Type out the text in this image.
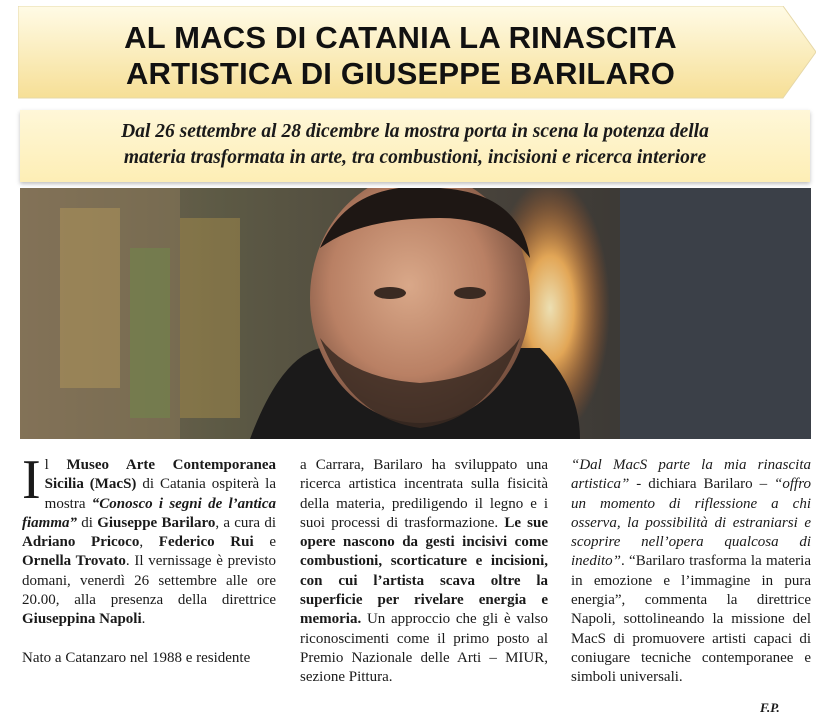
AL MACS DI CATANIA LA RINASCITA
ARTISTICA DI GIUSEPPE BARILARO
Dal 26 settembre al 28 dicembre la mostra porta in scena la potenza della
materia trasformata in arte, tra combustioni, incisioni e ricerca interiore

Il Museo Arte Contemporanea Sicilia (MacS) di Catania ospiterà la mostra “Conosco i segni de l’antica fiamma” di Giuseppe Barilaro, a cura di Adriano Pricoco, Federico Rui e Ornella Trovato. Il vernissage è previsto domani, venerdì 26 settembre alle ore 20.00, alla presenza della direttrice Giuseppina Napoli.

Nato a Catanzaro nel 1988 e residente

a Carrara, Barilaro ha sviluppato una ricerca artistica incentrata sulla fisicità della materia, prediligendo il legno e i suoi processi di trasformazione. Le sue opere nascono da gesti incisivi come combustioni, scorticature e incisioni, con cui l’artista scava oltre la superficie per rivelare energia e memoria. Un approccio che gli è valso riconoscimenti come il primo posto al Premio Nazionale delle Arti – MIUR, sezione Pittura.

“Dal MacS parte la mia rinascita artistica” - dichiara Barilaro – “offro un momento di riflessione a chi osserva, la possibilità di estraniarsi e scoprire nell’opera qualcosa di inedito”. “Barilaro trasforma la materia in emozione e l’immagine in pura energia”, commenta la direttrice Napoli, sottolineando la missione del MacS di promuovere artisti capaci di coniugare tecniche contemporanee e simboli universali.

F.P.
